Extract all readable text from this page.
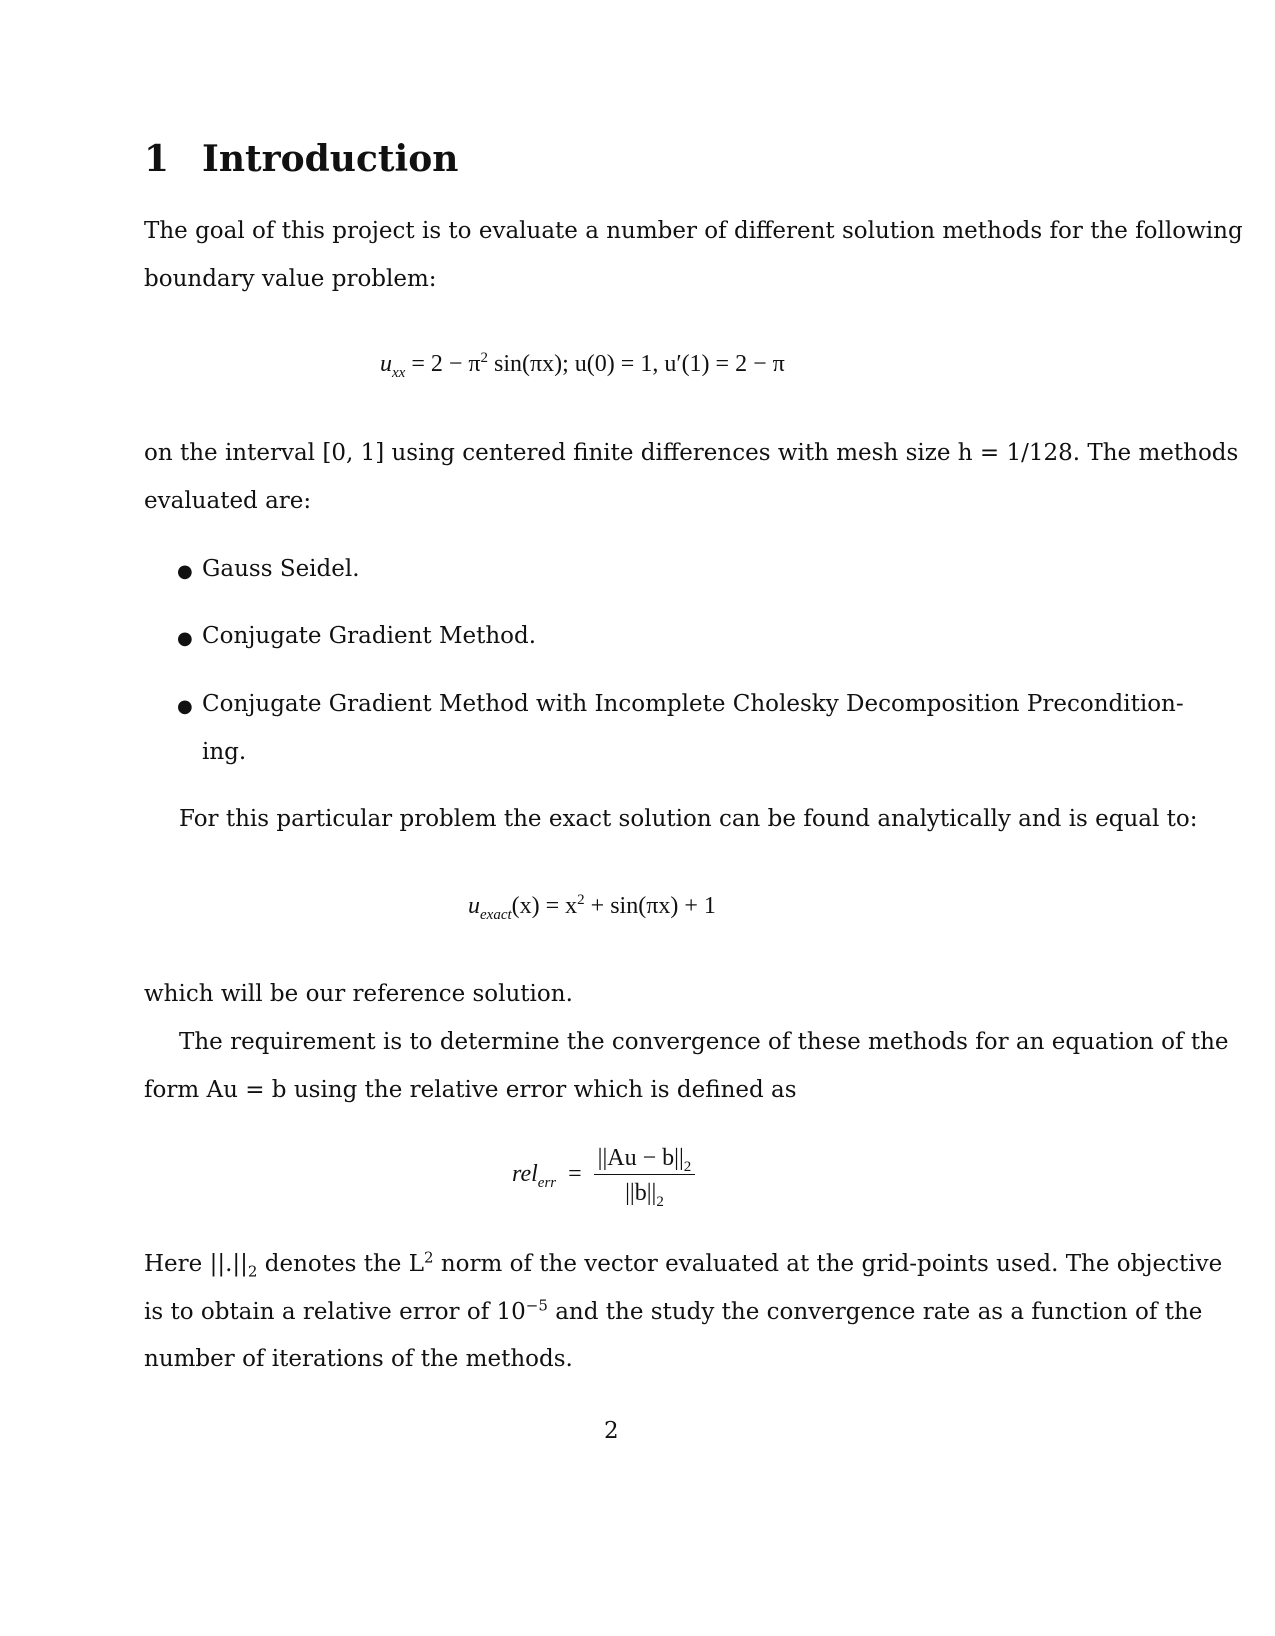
1 Introduction
The goal of this project is to evaluate a number of different solution methods for the following
boundary value problem:
$u_{xx} = 2 - \pi^2$ sin(πx); u(0) = 1, u′(1) = 2 − π
on the interval [0, 1] using centered finite differences with mesh size h = 1/128. The methods
evaluated are:
● Gauss Seidel.
● Conjugate Gradient Method.
● Conjugate Gradient Method with Incomplete Cholesky Decomposition Precondition-
ing.
For this particular problem the exact solution can be found analytically and is equal to:
$u_{exact}(x) = x^2 + \sin(\pi x) + 1$
which will be our reference solution.
The requirement is to determine the convergence of these methods for an equation of the
form Au = b using the relative error which is defined as
$rel_{err} = \frac{||Au - b||_2}{||b||_2}$
Here $||.||_2$ denotes the $L^2$ norm of the vector evaluated at the grid-points used. The objective
is to obtain a relative error of $10^{-5}$ and the study the convergence rate as a function of the
number of iterations of the methods.
2
